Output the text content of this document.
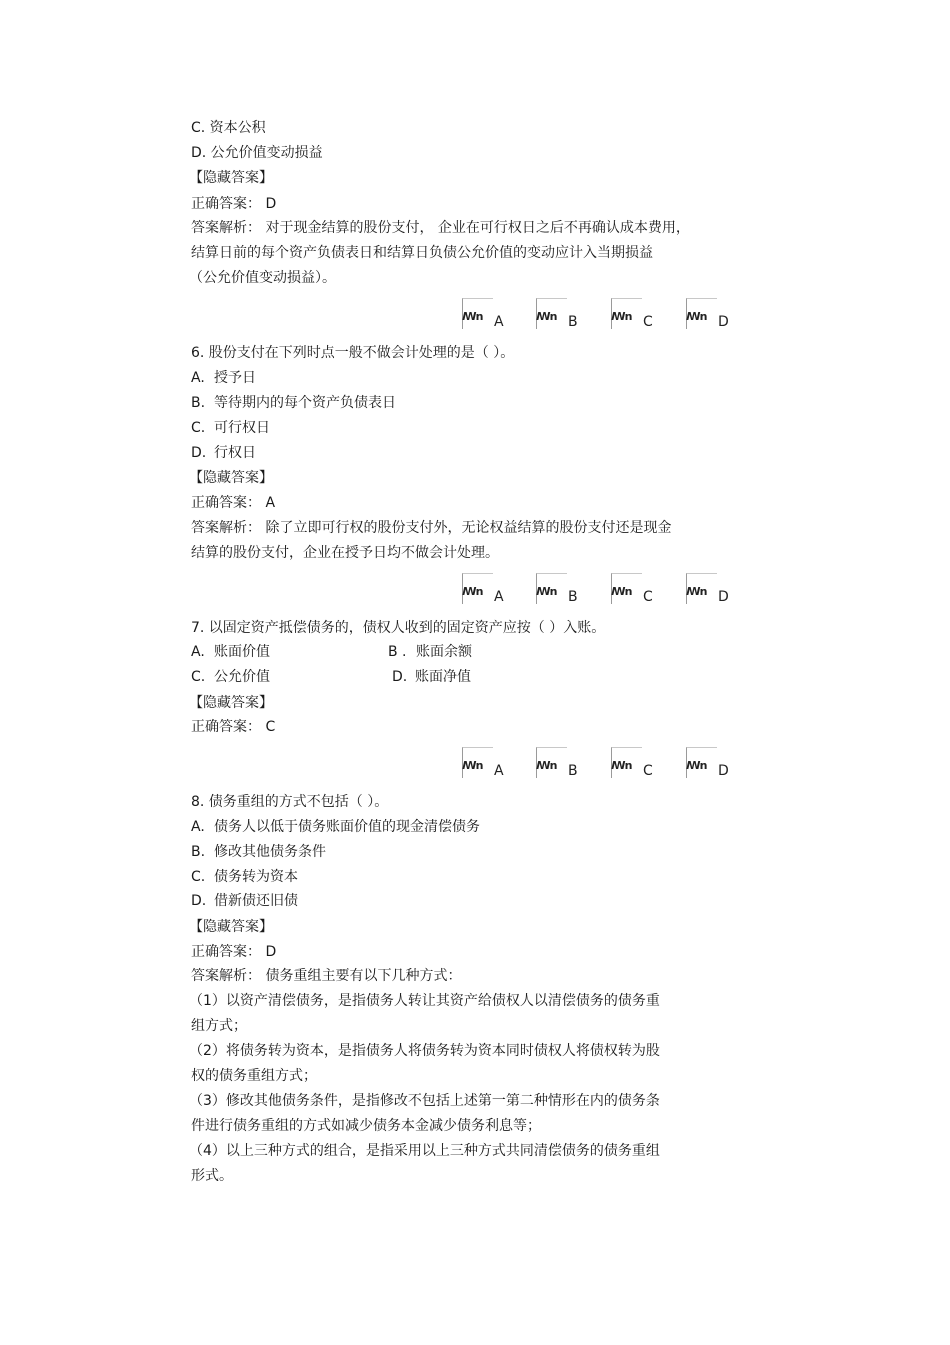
C. 资本公积
D. 公允价值变动损益
【隐藏答案】
正确答案： D
答案解析： 对于现金结算的股份支付， 企业在可行权日之后不再确认成本费用，
结算日前的每个资产负债表日和结算日负债公允价值的变动应计入当期损益
（公允价值变动损益）。
ꟿn A	ꟿn B	ꟿn C	ꟿn D
6. 股份支付在下列时点一般不做会计处理的是（ ）。
A. 授予日
B. 等待期内的每个资产负债表日
C. 可行权日
D. 行权日
【隐藏答案】
正确答案： A
答案解析： 除了立即可行权的股份支付外，无论权益结算的股份支付还是现金
结算的股份支付，企业在授予日均不做会计处理。
ꟿn A	ꟿn B	ꟿn C	ꟿn D
7. 以固定资产抵偿债务的，债权人收到的固定资产应按（ ）入账。
A. 账面价值	B . 账面余额
C. 公允价值	D. 账面净值
【隐藏答案】
正确答案： C
ꟿn A	ꟿn B	ꟿn C	ꟿn D
8. 债务重组的方式不包括（ ）。
A. 债务人以低于债务账面价值的现金清偿债务
B. 修改其他债务条件
C. 债务转为资本
D. 借新债还旧债
【隐藏答案】
正确答案： D
答案解析： 债务重组主要有以下几种方式：
（1）以资产清偿债务，是指债务人转让其资产给债权人以清偿债务的债务重
组方式；
（2）将债务转为资本，是指债务人将债务转为资本同时债权人将债权转为股
权的债务重组方式；
（3）修改其他债务条件，是指修改不包括上述第一第二种情形在内的债务条
件进行债务重组的方式如减少债务本金减少债务利息等；
（4）以上三种方式的组合，是指采用以上三种方式共同清偿债务的债务重组
形式。
